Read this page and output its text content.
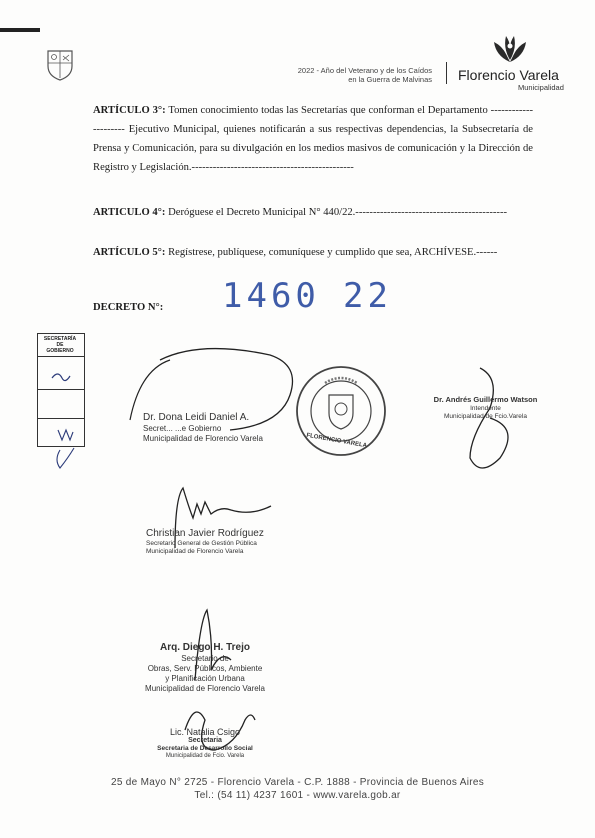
2022 - Año del Veterano y de los Caídos
en la Guerra de Malvinas Florencio Varela
Municipalidad
ARTÍCULO 3°: Tomen conocimiento todas las Secretarías que conforman el Departamento --------------------- Ejecutivo Municipal, quienes notificarán a sus respectivas dependencias, la Subsecretaría de Prensa y Comunicación, para su divulgación en los medios masivos de comunicación y la Dirección de Registro y Legislación.----------------------------------------------
ARTICULO 4°: Deróguese el Decreto Municipal N° 440/22.-------------------------------------------
ARTÍCULO 5°: Regístrese, publíquese, comuníquese y cumplido que sea, ARCHÍVESE.------
DECRETO N°: 1460 22
SECRETARÍA
DE
GOBIERNO
FLORENCIO VARELA
Dr. Dona Leidi Daniel A.
Secret... ...e Gobierno
Municipalidad de Florencio Varela
Dr. Andrés Guillermo Watson
Intendente
Municipalidad de Fcio.Varela
Christian Javier Rodríguez
Secretario General de Gestión Pública
Municipalidad de Florencio Varela
Arq. Diego H. Trejo
Secretario de
Obras, Serv. Públicos, Ambiente
y Planificación Urbana
Municipalidad de Florencio Varela
Lic. Natalia Csigo
Secretaria
Secretaria de Desarrollo Social
Municipalidad de Fcio. Varela
25 de Mayo N° 2725 - Florencio Varela - C.P. 1888 - Provincia de Buenos Aires
Tel.: (54 11) 4237 1601 - www.varela.gob.ar
